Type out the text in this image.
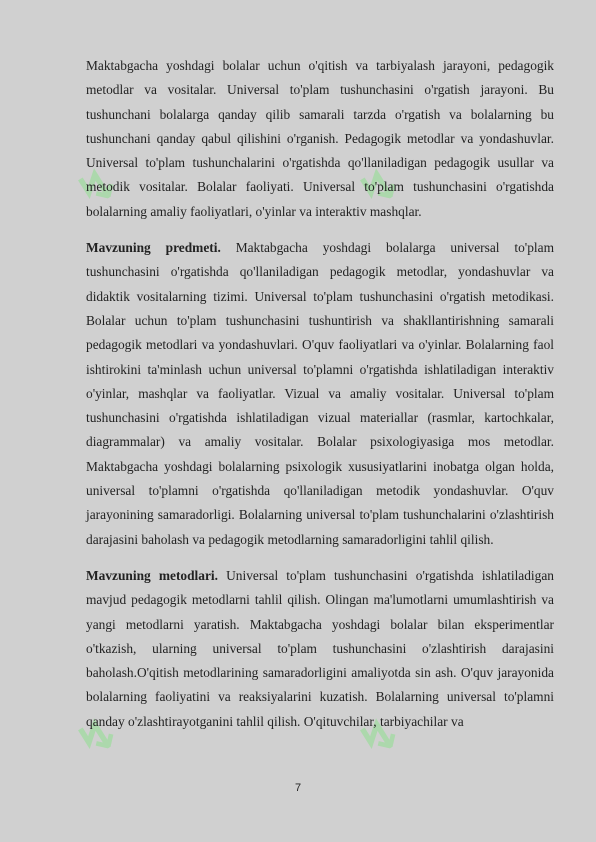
↯	↯
↯	↯

Maktabgacha yoshdagi bolalar uchun o'qitish va tarbiyalash jarayoni, pedagogik metodlar va vositalar. Universal to'plam tushunchasini o'rgatish jarayoni. Bu tushunchani bolalarga qanday qilib samarali tarzda o'rgatish va bolalarning bu tushunchani qanday qabul qilishini o'rganish. Pedagogik metodlar va yondashuvlar. Universal to'plam tushunchalarini o'rgatishda qo'llaniladigan pedagogik usullar va metodik vositalar. Bolalar faoliyati. Universal to'plam tushunchasini o'rgatishda bolalarning amaliy faoliyatlari, o'yinlar va interaktiv mashqlar.

Mavzuning predmeti. Maktabgacha yoshdagi bolalarga universal to'plam tushunchasini o'rgatishda qo'llaniladigan pedagogik metodlar, yondashuvlar va didaktik vositalarning tizimi. Universal to'plam tushunchasini o'rgatish metodikasi. Bolalar uchun to'plam tushunchasini tushuntirish va shakllantirishning samarali pedagogik metodlari va yondashuvlari. O'quv faoliyatlari va o'yinlar. Bolalarning faol ishtirokini ta'minlash uchun universal to'plamni o'rgatishda ishlatiladigan interaktiv o'yinlar, mashqlar va faoliyatlar. Vizual va amaliy vositalar. Universal to'plam tushunchasini o'rgatishda ishlatiladigan vizual materiallar (rasmlar, kartochkalar, diagrammalar) va amaliy vositalar. Bolalar psixologiyasiga mos metodlar. Maktabgacha yoshdagi bolalarning psixologik xususiyatlarini inobatga olgan holda, universal to'plamni o'rgatishda qo'llaniladigan metodik yondashuvlar. O'quv jarayonining samaradorligi. Bolalarning universal to'plam tushunchalarini o'zlashtirish darajasini baholash va pedagogik metodlarning samaradorligini tahlil qilish.

Mavzuning metodlari. Universal to'plam tushunchasini o'rgatishda ishlatiladigan mavjud pedagogik metodlarni tahlil qilish. Olingan ma'lumotlarni umumlashtirish va yangi metodlarni yaratish. Maktabgacha yoshdagi bolalar bilan eksperimentlar o'tkazish, ularning universal to'plam tushunchasini o'zlashtirish darajasini baholash.O'qitish metodlarining samaradorligini amaliyotda sin ash. O'quv jarayonida bolalarning faoliyatini va reaksiyalarini kuzatish. Bolalarning universal to'plamni qanday o'zlashtirayotganini tahlil qilish. O'qituvchilar, tarbiyachilar va

7
